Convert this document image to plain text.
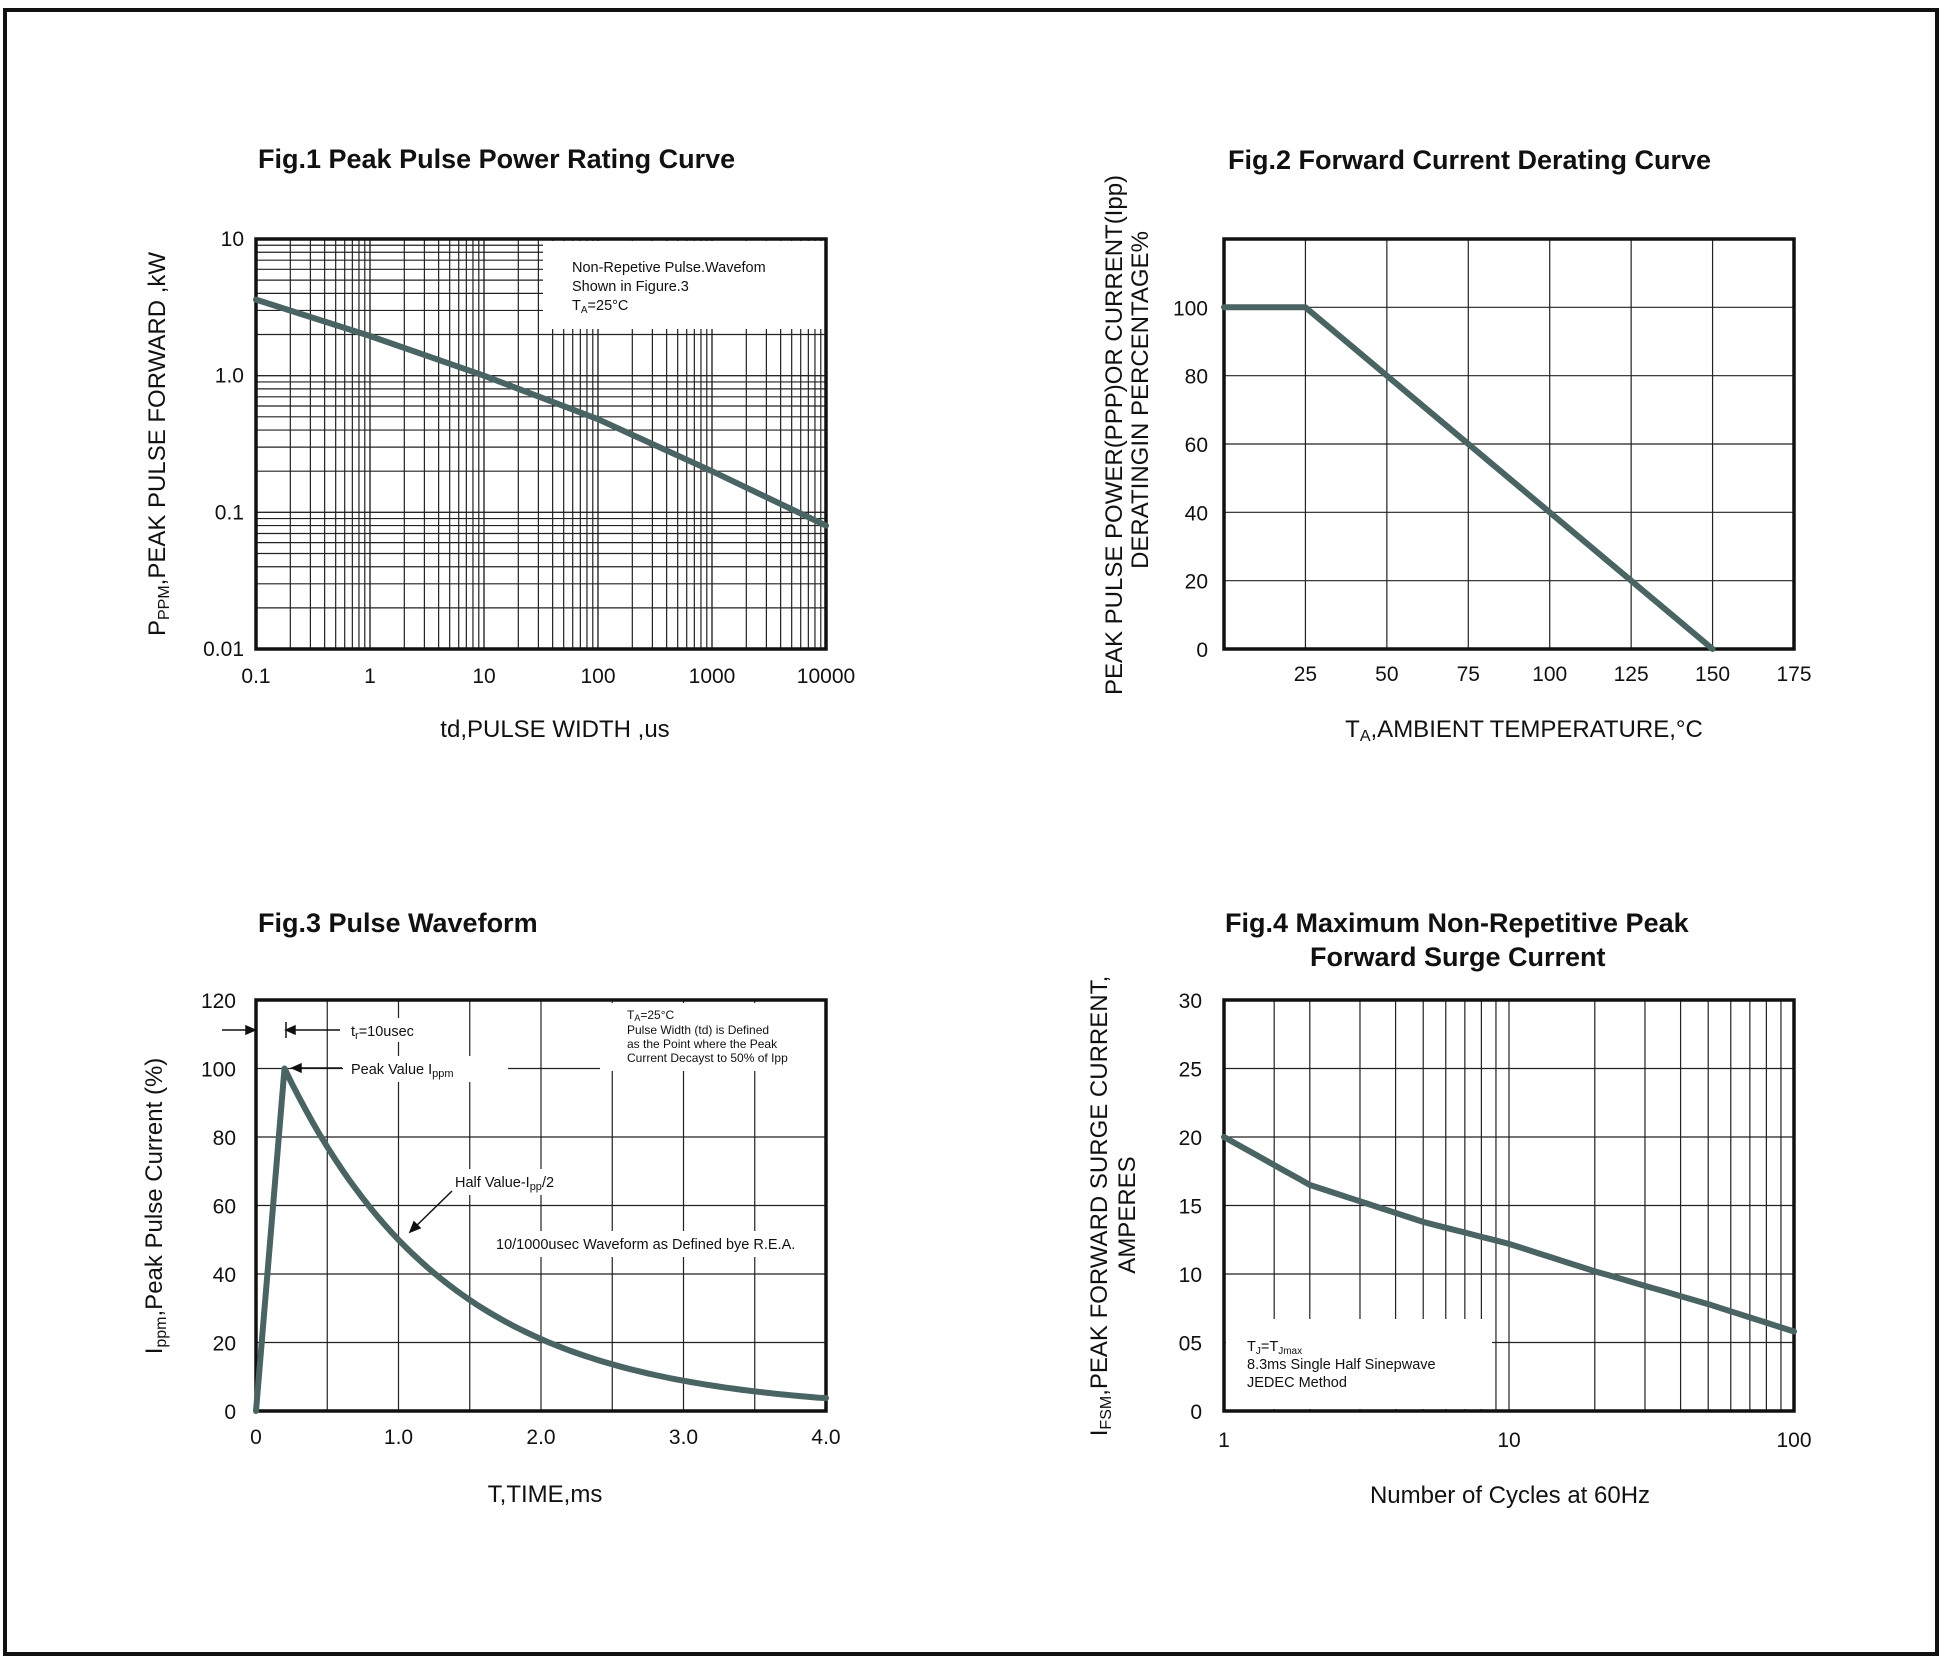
Fig.1 Peak Pulse Power Rating Curve
0.1	1	10	100	1000	10000
0.01
0.1
1.0
10
Non-Repetive Pulse.Wavefom
Shown in Figure.3
$T_A=25^\circ C$
td,PULSE WIDTH ,us
PPPM,PEAK PULSE FORWARD ,kW
Fig.2 Forward Current Derating Curve
25	50	75 100 125 150 175
0
20
40
60
80
100
TA,AMBIENT TEMPERATURE,°C
PEAK PULSE POWER(PPP)OR CURRENT(Ipp) DERATINGIN PERCENTAGE%
Fig.3 Pulse Waveform
0	1.0	2.0	3.0	4.0
0
20
40
60
80
100
120
$t_r=10usec$
Peak Value $I_{ppm}$
Half Value-$I_{pp}/2$
TA=25°C
Pulse Width (td) is Defined
as the Point where the Peak
Current Decayst to 50% of Ipp
10/1000usec Waveform as Defined bye R.E.A.
T,TIME,ms
Ippm,Peak Pulse Current (%)
Fig.4 Maximum Non-Repetitive Peak
Forward Surge Current
1	10	100
0
05
10
15
20
25
30
$T_J=T_{Jmax}$
8.3ms Single Half Sinepwave
JEDEC Method
Number of Cycles at 60Hz
IFSM,PEAK FORWARD SURGE CURRENT, AMPERES
